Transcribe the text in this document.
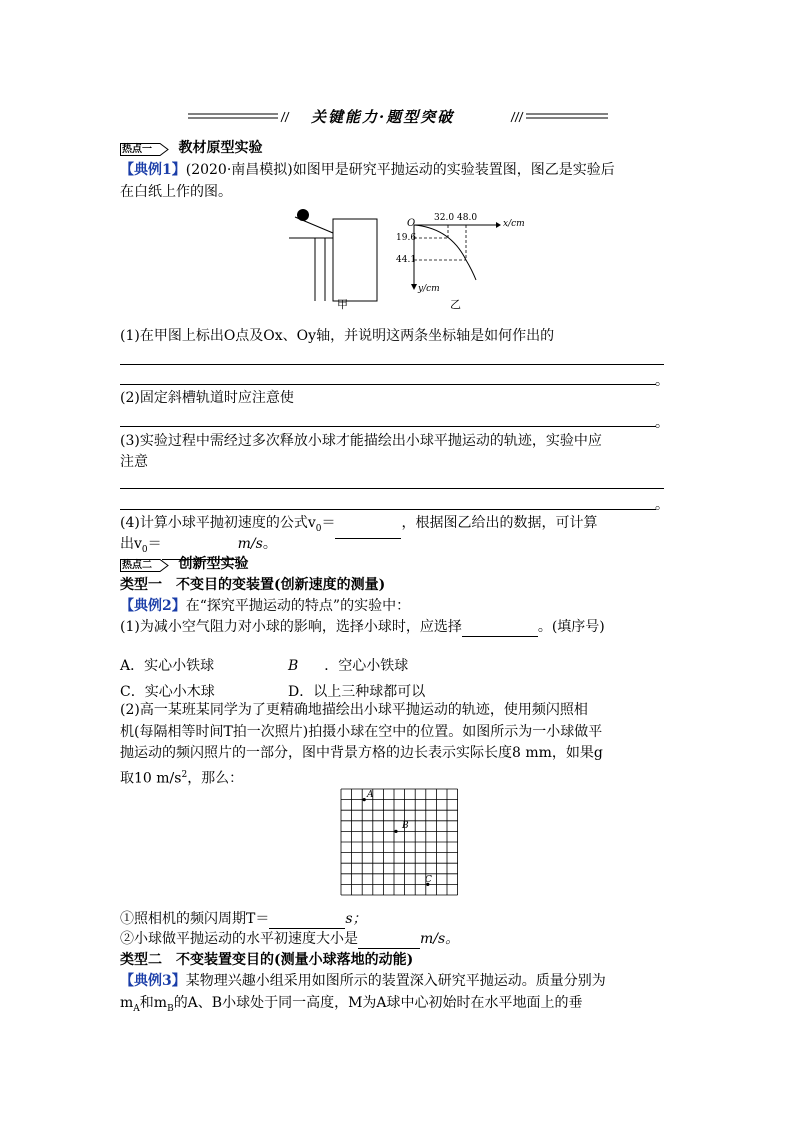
关键能力·题型突破
热点一 教材原型实验
【典例1】(2020·南昌模拟)如图甲是研究平抛运动的实验装置图，图乙是实验后
在白纸上作的图。
甲
O	x/cm
y/cm
32.0 48.0
19.6
44.1
乙
(1)在甲图上标出O点及Ox、Oy轴，并说明这两条坐标轴是如何作出的
。
(2)固定斜槽轨道时应注意使
。
(3)实验过程中需经过多次释放小球才能描绘出小球平抛运动的轨迹，实验中应
注意
。
(4)计算小球平抛初速度的公式$v_0=$	，根据图乙给出的数据，可计算
出$v_0=$	m/s。
热点二 创新型实验
类型一 不变目的变装置(创新速度的测量)
【典例2】在“探究平抛运动的特点”的实验中：
(1)为减小空气阻力对小球的影响，选择小球时，应选择	。(填序号)
A．实心小铁球	B ．空心小铁球
C．实心小木球	D．以上三种球都可以
(2)高一某班某同学为了更精确地描绘出小球平抛运动的轨迹，使用频闪照相
机(每隔相等时间T拍一次照片)拍摄小球在空中的位置。如图所示为一小球做平
抛运动的频闪照片的一部分，图中背景方格的边长表示实际长度8 mm，如果g
取10 $m/s^2$，那么：
A
B
C
①照相机的频闪周期T＝	s；
②小球做平抛运动的水平初速度大小是	m/s。
类型二 不变装置变目的(测量小球落地的动能)
【典例3】某物理兴趣小组采用如图所示的装置深入研究平抛运动。质量分别为
$m_A$和$m_B$的A、B小球处于同一高度，M为A球中心初始时在水平地面上的垂
